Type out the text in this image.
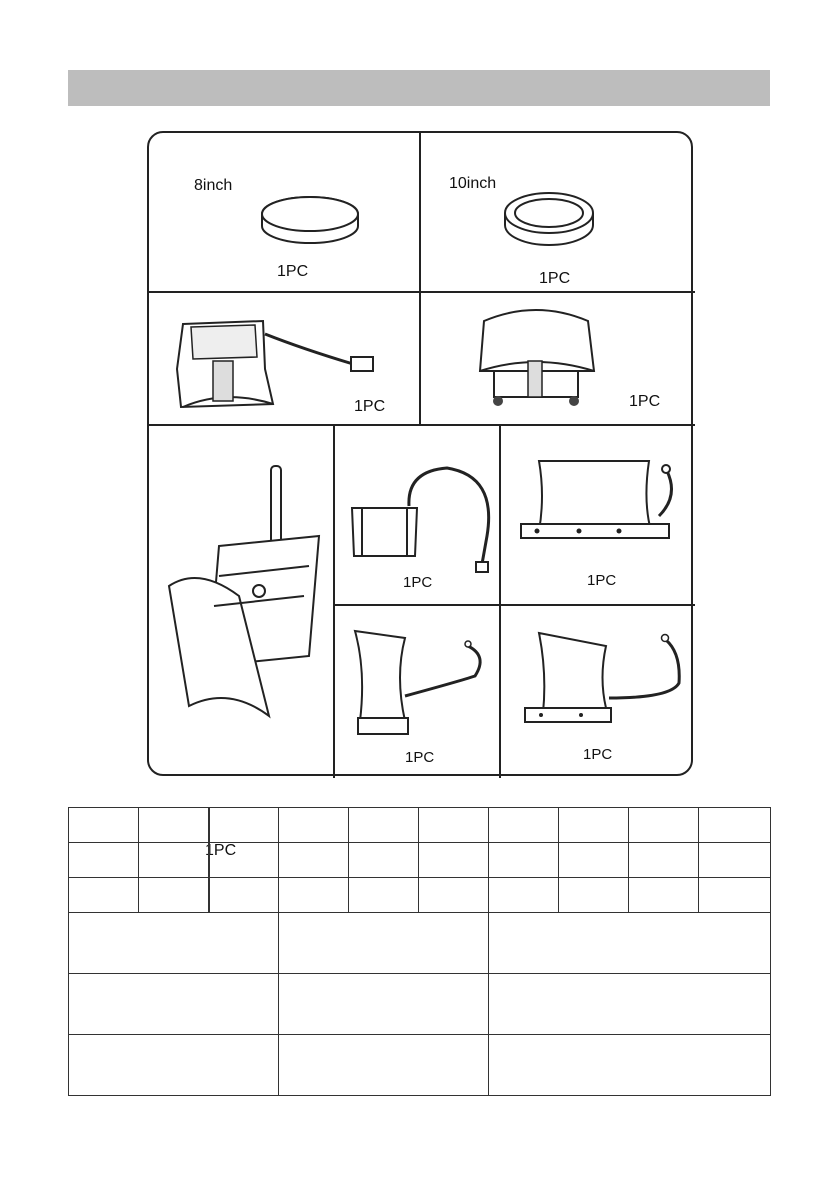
8inch
1PC
10inch
1PC
1PC	1PC
1PC
1PC	1PC
1PC	1PC
